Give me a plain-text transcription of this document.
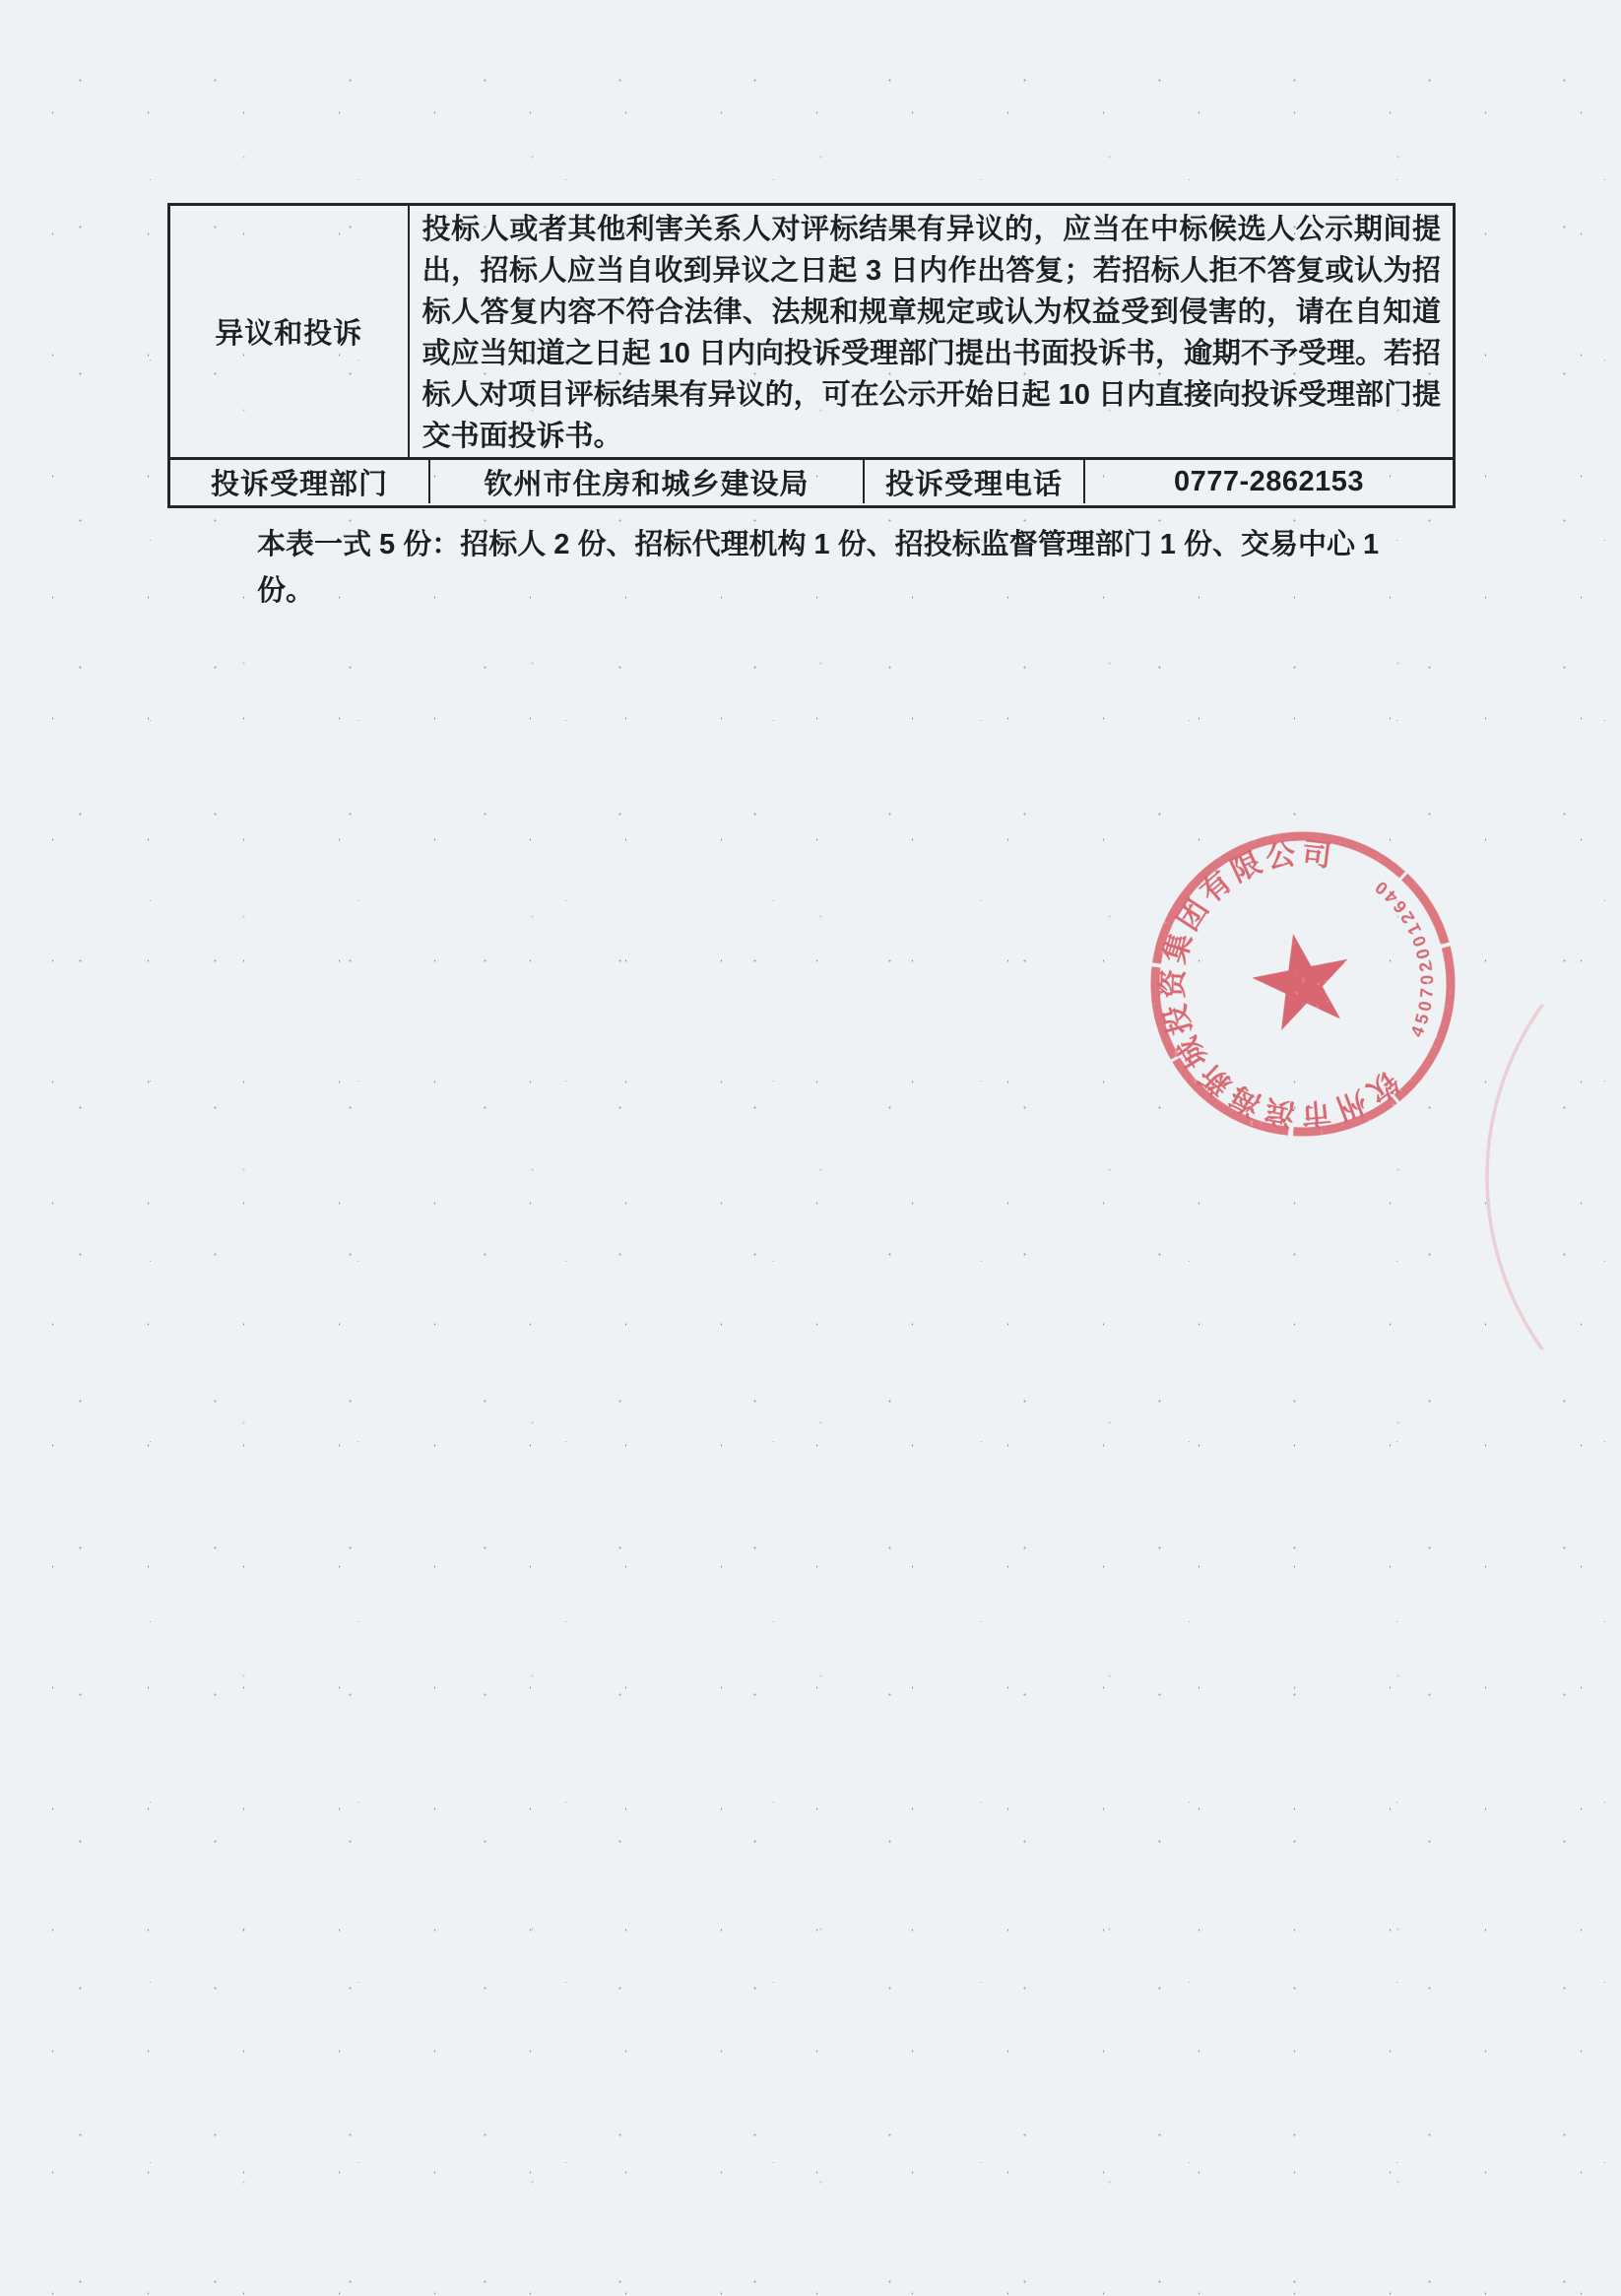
异议和投诉
投标人或者其他利害关系人对评标结果有异议的，应当在中标候选人公示期间提
出，招标人应当自收到异议之日起 3 日内作出答复；若招标人拒不答复或认为招
标人答复内容不符合法律、法规和规章规定或认为权益受到侵害的，请在自知道
或应当知道之日起 10 日内向投诉受理部门提出书面投诉书，逾期不予受理。若招
标人对项目评标结果有异议的，可在公示开始日起 10 日内直接向投诉受理部门提
交书面投诉书。
投诉受理部门	钦州市住房和城乡建设局	投诉受理电话	0777-2862153
本表一式 5 份：招标人 2 份、招标代理机构 1 份、招投标监督管理部门 1 份、交易中心 1
份。
钦州市滨海新城投资集团有限公司
4507020012640
